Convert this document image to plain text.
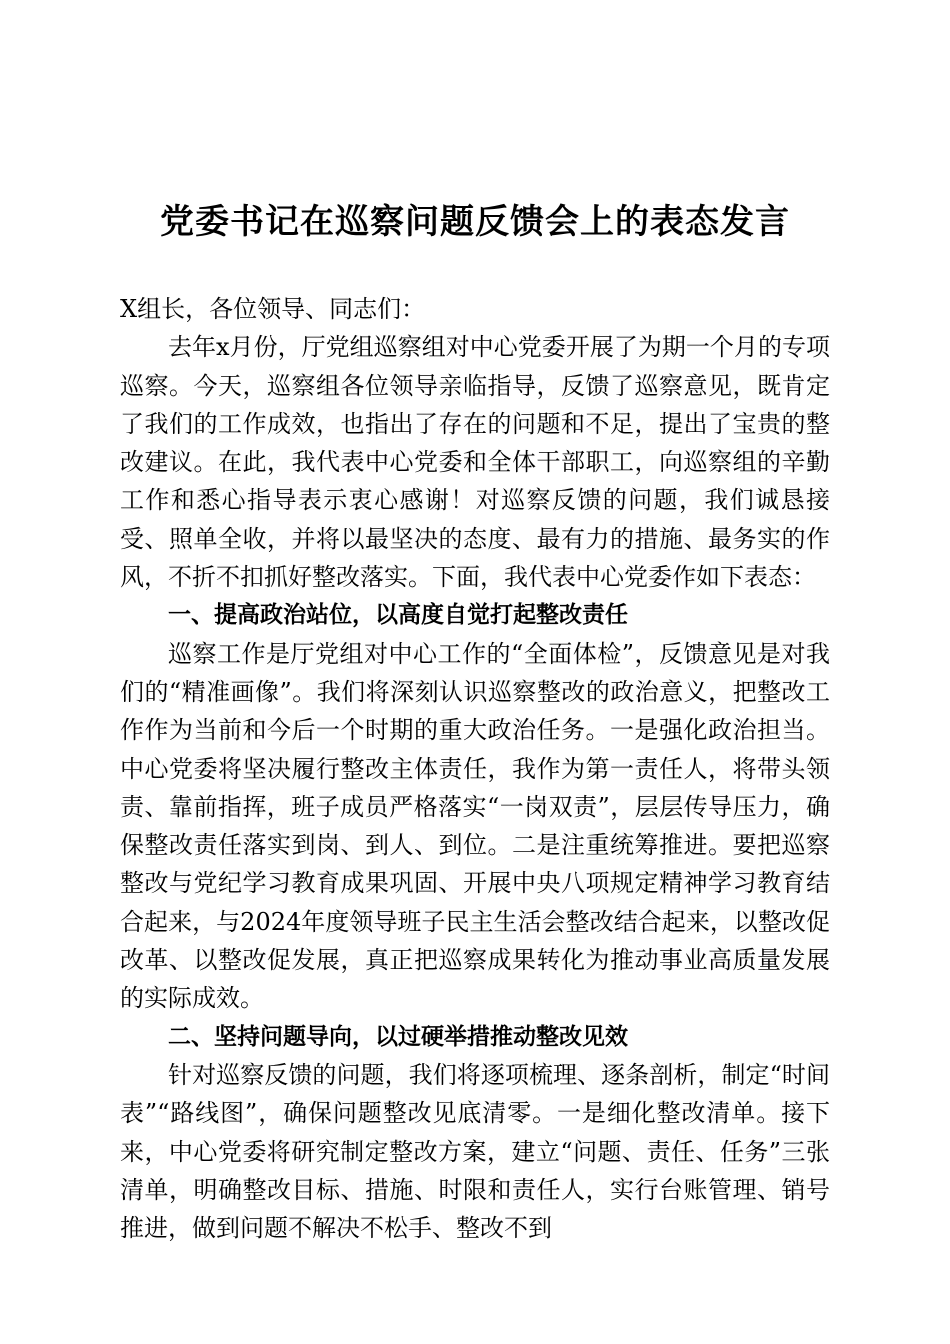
党委书记在巡察问题反馈会上的表态发言

X组长，各位领导、同志们：

去年x月份，厅党组巡察组对中心党委开展了为期一个月的专项巡察。今天，巡察组各位领导亲临指导，反馈了巡察意见，既肯定了我们的工作成效，也指出了存在的问题和不足，提出了宝贵的整改建议。在此，我代表中心党委和全体干部职工，向巡察组的辛勤工作和悉心指导表示衷心感谢！对巡察反馈的问题，我们诚恳接受、照单全收，并将以最坚决的态度、最有力的措施、最务实的作风，不折不扣抓好整改落实。下面，我代表中心党委作如下表态：

一、提高政治站位，以高度自觉打起整改责任

巡察工作是厅党组对中心工作的“全面体检”，反馈意见是对我们的“精准画像”。我们将深刻认识巡察整改的政治意义，把整改工作作为当前和今后一个时期的重大政治任务。一是强化政治担当。中心党委将坚决履行整改主体责任，我作为第一责任人，将带头领责、靠前指挥，班子成员严格落实“一岗双责”，层层传导压力，确保整改责任落实到岗、到人、到位。二是注重统筹推进。要把巡察整改与党纪学习教育成果巩固、开展中央八项规定精神学习教育结合起来，与2024年度领导班子民主生活会整改结合起来，以整改促改革、以整改促发展，真正把巡察成果转化为推动事业高质量发展的实际成效。

二、坚持问题导向，以过硬举措推动整改见效

针对巡察反馈的问题，我们将逐项梳理、逐条剖析，制定“时间表”“路线图”，确保问题整改见底清零。一是细化整改清单。接下来，中心党委将研究制定整改方案，建立“问题、责任、任务”三张清单，明确整改目标、措施、时限和责任人，实行台账管理、销号推进，做到问题不解决不松手、整改不到
